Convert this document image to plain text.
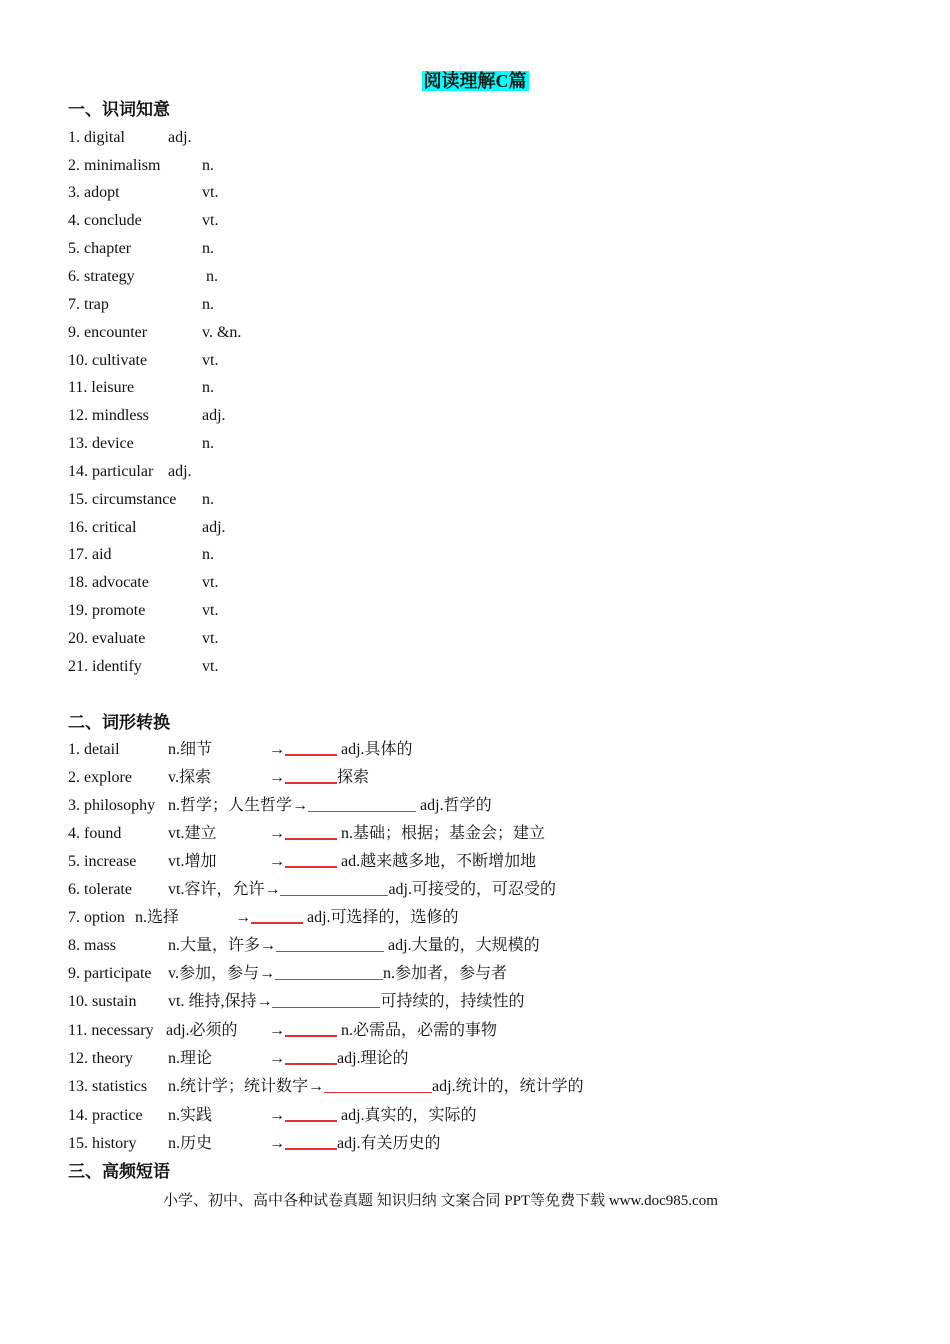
阅读理解C篇
一、识词知意
1. digital	adj.
2. minimalism	n.
3. adopt	vt.
4. conclude	vt.
5. chapter	n.
6. strategy	n.
7. trap	n.
9. encounter	v. &n.
10. cultivate	vt.
11. leisure	n.
12. mindless	adj.
13. device	n.
14. particular adj.
15. circumstance n.
16. critical	adj.
17. aid	n.
18. advocate	vt.
19. promote	vt.
20. evaluate	vt.
21. identify	vt.
二、词形转换
1. detail	n.细节	→	adj.具体的
2. explore v.探索	→	探索
3. philosophy n.哲学；人生哲学→	adj.哲学的
4. found	vt.建立	→	n.基础；根据；基金会；建立
5. increase vt.增加	→	ad.越来越多地，不断增加地
6. tolerate vt.容许，允许→	adj.可接受的，可忍受的
7. option n.选择	→	adj.可选择的，选修的
8. mass	n.大量，许多→	adj.大量的，大规模的
9. participate v.参加，参与→	n.参加者，参与者
10. sustain vt. 维持,保持→	可持续的，持续性的
11. necessary adj.必须的 →	n.必需品，必需的事物
12. theory n.理论	→	adj.理论的
13. statistics n.统计学；统计数字→	adj.统计的，统计学的
14. practice n.实践	→	adj.真实的，实际的
15. history n.历史	→	adj.有关历史的
三、高频短语
小学、初中、高中各种试卷真题 知识归纳 文案合同 PPT等免费下载 www.doc985.com
